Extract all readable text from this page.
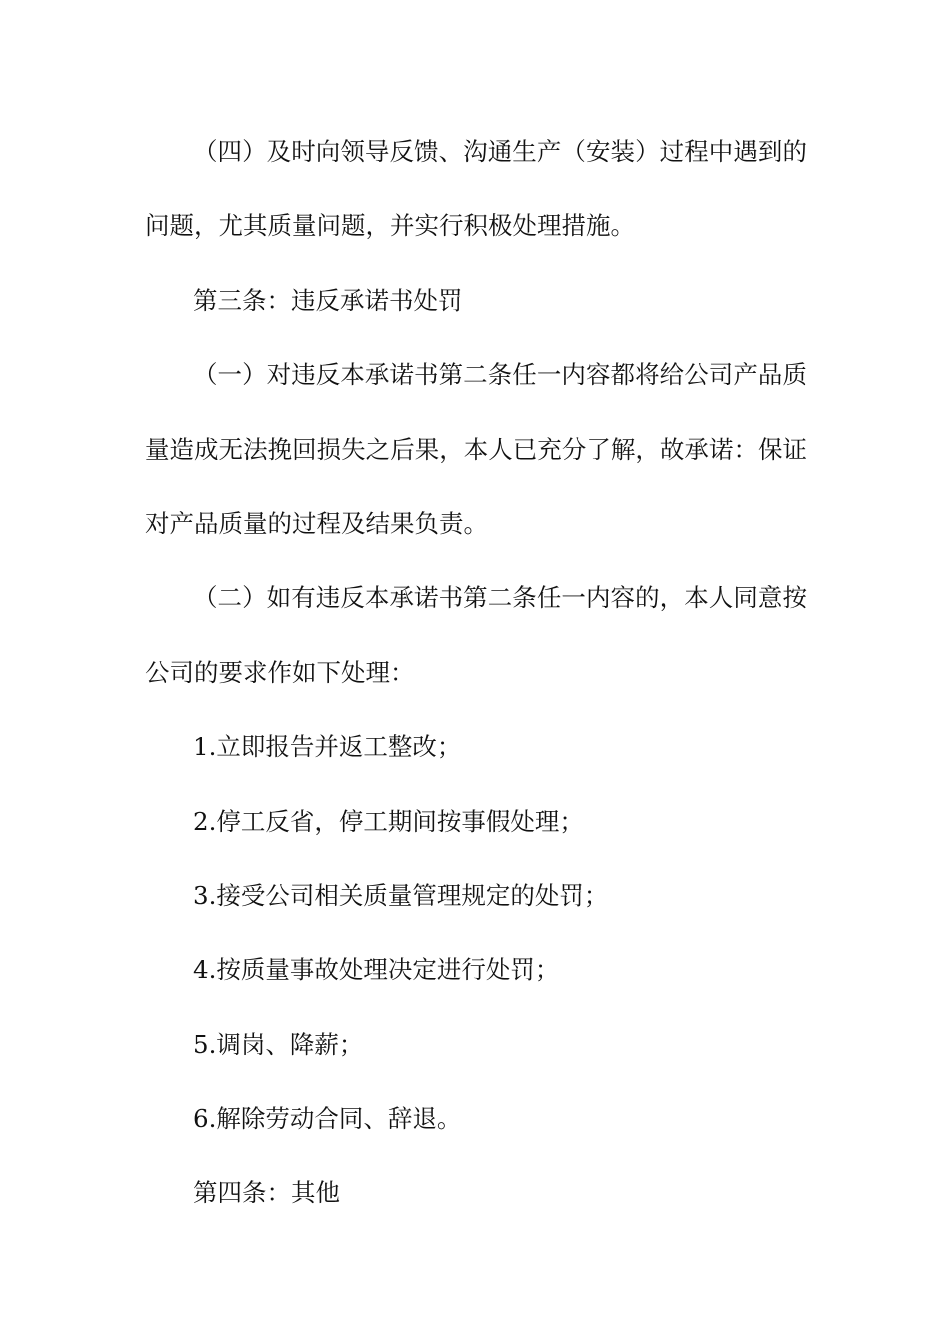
（四）及时向领导反馈、沟通生产（安装）过程中遇到的

问题，尤其质量问题，并实行积极处理措施。

第三条：违反承诺书处罚

（一）对违反本承诺书第二条任一内容都将给公司产品质

量造成无法挽回损失之后果，本人已充分了解，故承诺：保证

对产品质量的过程及结果负责。

（二）如有违反本承诺书第二条任一内容的，本人同意按

公司的要求作如下处理：

1.立即报告并返工整改；

2.停工反省，停工期间按事假处理；

3.接受公司相关质量管理规定的处罚；

4.按质量事故处理决定进行处罚；

5.调岗、降薪；

6.解除劳动合同、辞退。

第四条：其他
